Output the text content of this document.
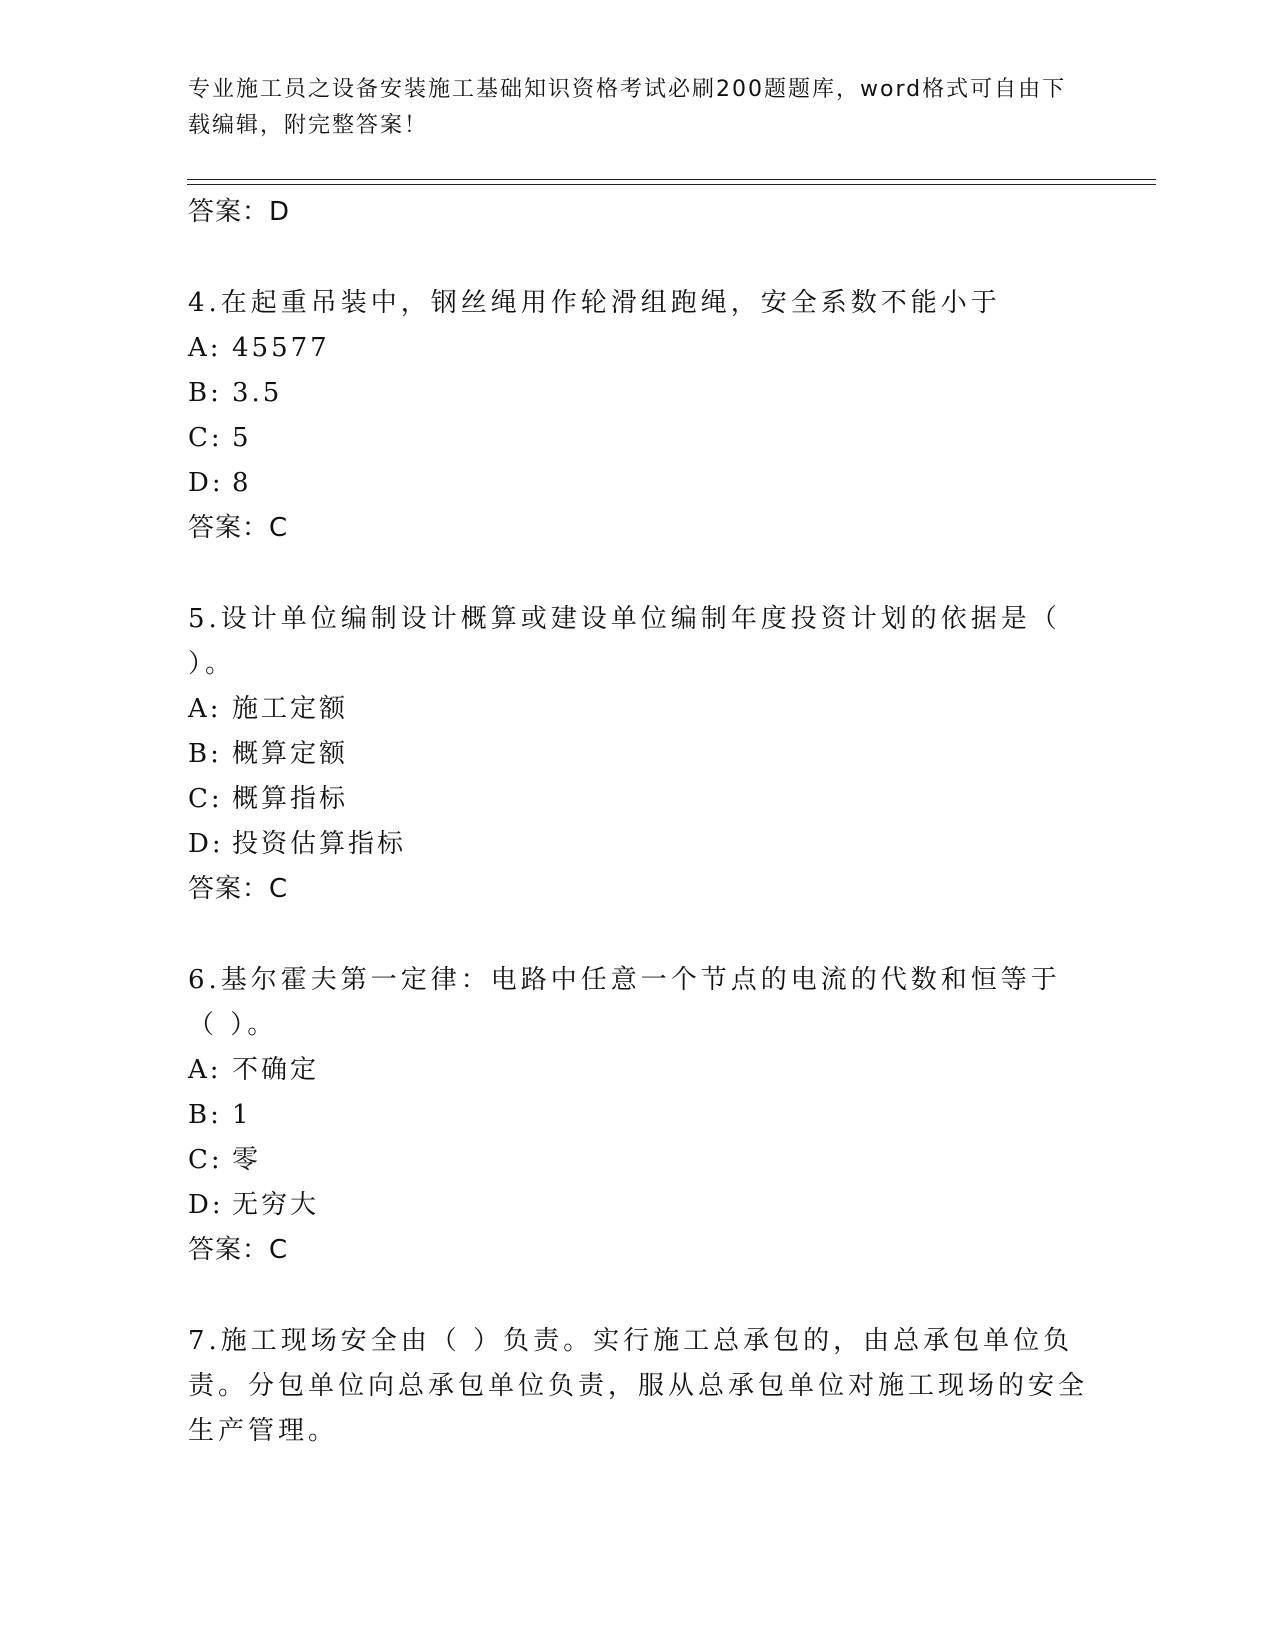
专业施工员之设备安装施工基础知识资格考试必刷200题题库，word格式可自由下载编辑，附完整答案！
答案：D
4.在起重吊装中，钢丝绳用作轮滑组跑绳，安全系数不能小于
A: 45577
B: 3.5
C: 5
D: 8
答案：C
5.设计单位编制设计概算或建设单位编制年度投资计划的依据是（ ）。
A: 施工定额
B: 概算定额
C: 概算指标
D: 投资估算指标
答案：C
6.基尔霍夫第一定律：电路中任意一个节点的电流的代数和恒等于（ ）。
A: 不确定
B: 1
C: 零
D: 无穷大
答案：C
7.施工现场安全由（ ）负责。实行施工总承包的，由总承包单位负责。分包单位向总承包单位负责，服从总承包单位对施工现场的安全生产管理。
